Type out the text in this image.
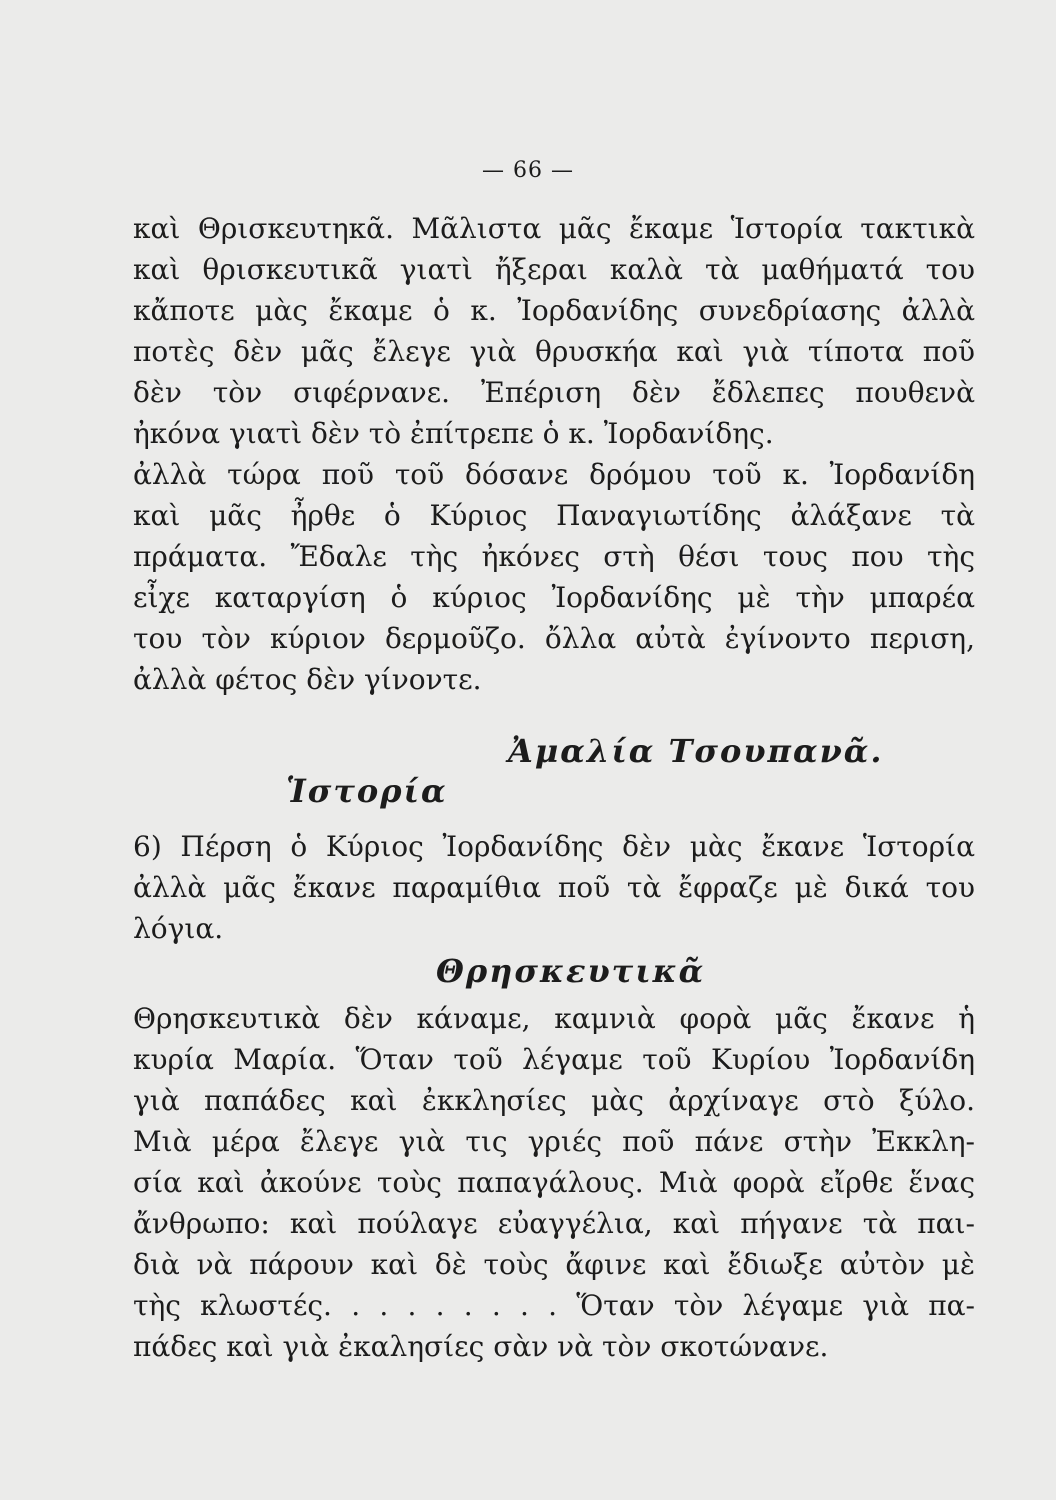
— 66 —
καὶ Θρισκευτηκᾶ. Μᾶλιστα μᾶς ἔκαμε Ἱστορία τακτικὰ
καὶ θρισκευτικᾶ γιατὶ ἤξεραι καλὰ τὰ μαθήματά του
κἄποτε μὰς ἔκαμε ὁ κ. Ἰορδανίδης συνεδρίασης ἀλλὰ
ποτὲς δὲν μᾶς ἔλεγε γιὰ θρυσκήα καὶ γιὰ τίποτα ποῦ
δὲν τὸν σιφέρνανε. Ἐπέριση δὲν ἔδλεπες πουθενὰ
ἠκόνα γιατὶ δὲν τὸ ἐπίτρεπε ὁ κ. Ἰορδανίδης.
ἀλλὰ τώρα ποῦ τοῦ δόσανε δρόμου τοῦ κ. Ἰορδανίδη
καὶ μᾶς ἦρθε ὁ Κύριος Παναγιωτίδης ἀλάξανε τὰ
πράματα. Ἔδαλε τὴς ἠκόνες στὴ θέσι τους που τὴς
εἶχε καταργίση ὁ κύριος Ἰορδανίδης μὲ τὴν μπαρέα
του τὸν κύριον δερμοῦζο. ὄλλα αὐτὰ ἐγίνοντο περιση,
ἀλλὰ φέτος δὲν γίνοντε.
Ἀμαλία Τσουπανᾶ.
Ἱστορία
6) Πέρση ὁ Κύριος Ἰορδανίδης δὲν μὰς ἔκανε Ἱστορία
ἀλλὰ μᾶς ἔκανε παραμίθια ποῦ τὰ ἔφραζε μὲ δικά του
λόγια.
Θρησκευτικᾶ
Θρησκευτικὰ δὲν κάναμε, καμνιὰ φορὰ μᾶς ἔκανε ἡ
κυρία Μαρία. Ὅταν τοῦ λέγαμε τοῦ Κυρίου Ἰορδανίδη
γιὰ παπάδες καὶ ἐκκλησίες μὰς ἀρχίναγε στὸ ξύλο.
Μιὰ μέρα ἔλεγε γιὰ τις γριές ποῦ πάνε στὴν Ἐκκλη-
σία καὶ ἀκούνε τοὺς παπαγάλους. Μιὰ φορὰ εἴρθε ἕνας
ἄνθρωπο: καὶ πούλαγε εὐαγγέλια, καὶ πήγανε τὰ παι-
διὰ νὰ πάρουν καὶ δὲ τοὺς ἄφινε καὶ ἔδιωξε αὐτὸν μὲ
τὴς κλωστές. . . . . . . . . Ὅταν τὸν λέγαμε γιὰ πα-
πάδες καὶ γιὰ ἐκαλησίες σὰν νὰ τὸν σκοτώνανε.
